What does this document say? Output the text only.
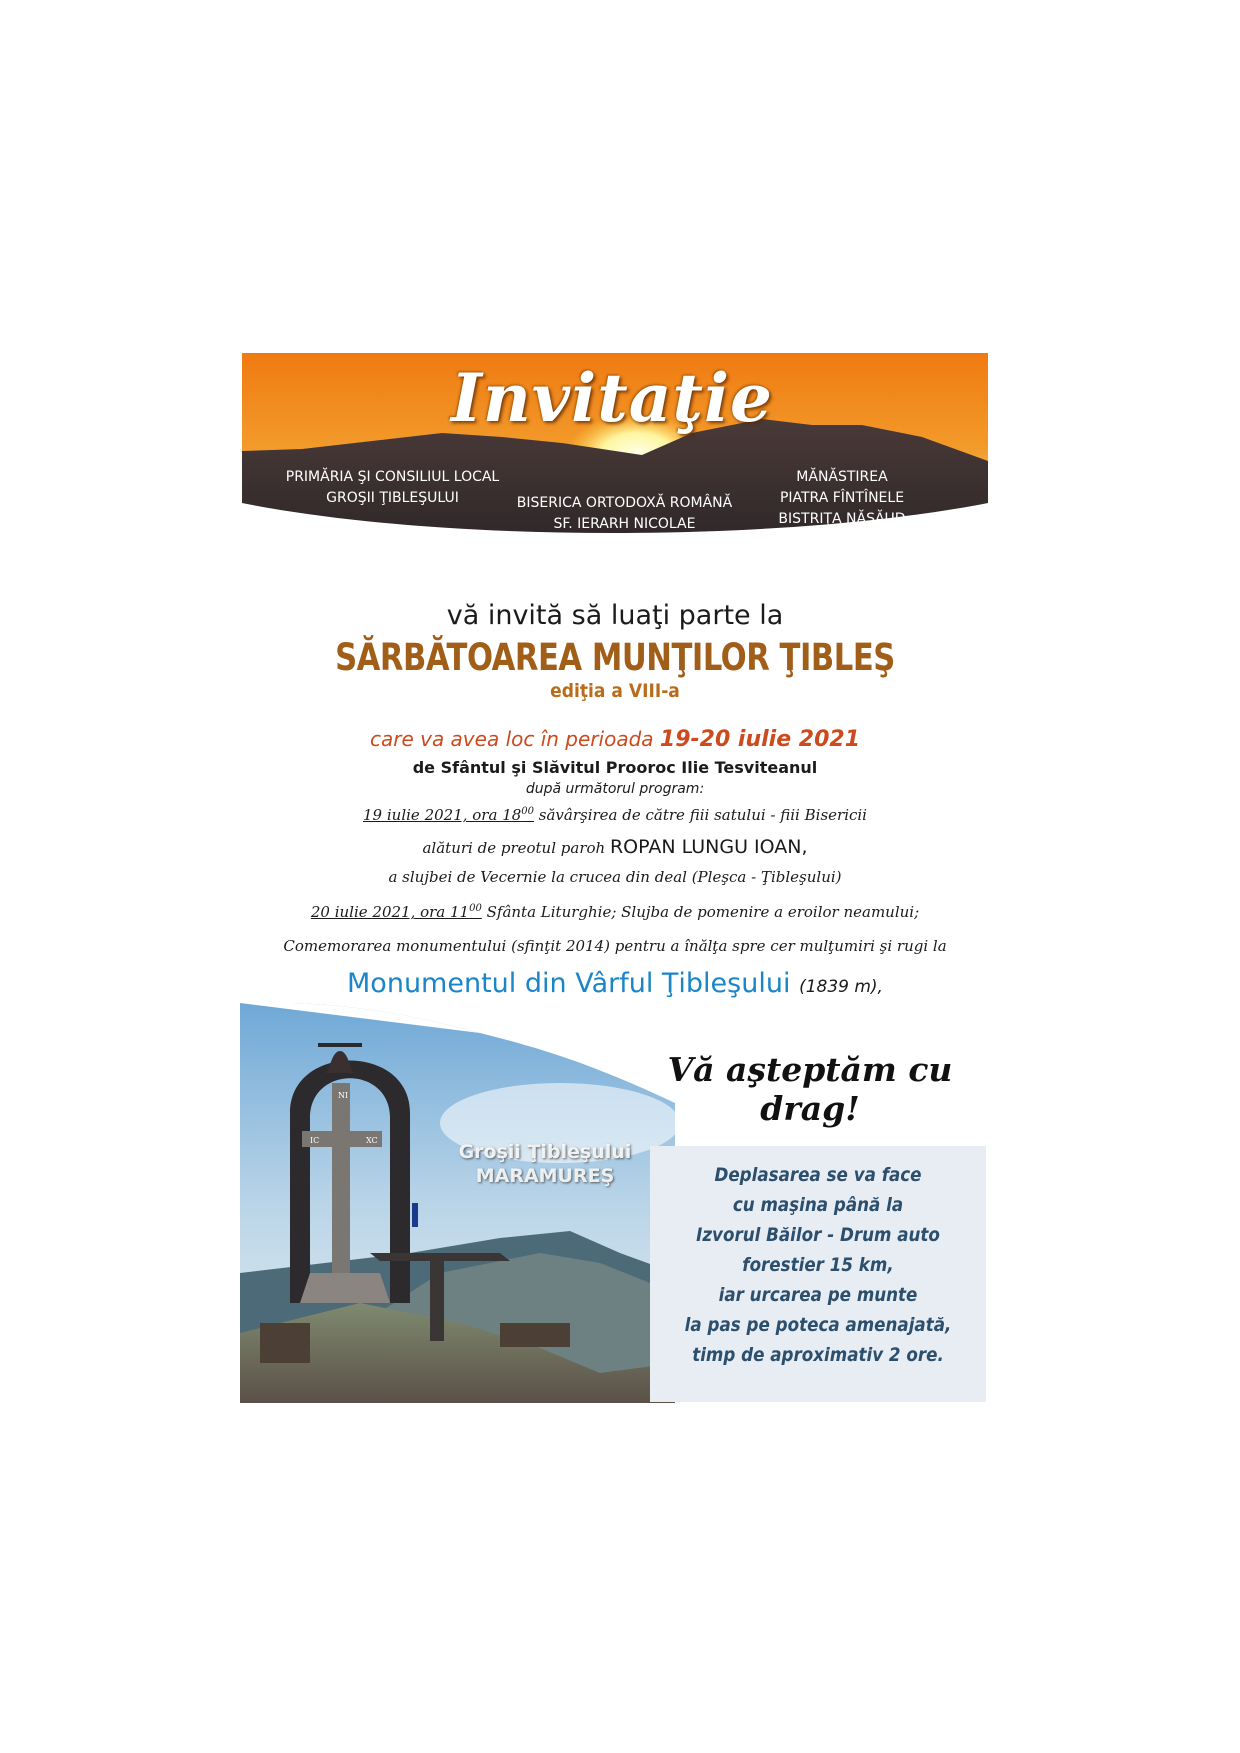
Invitaţie
PRIMĂRIA ŞI CONSILIUL LOCAL
GROŞII ŢIBLEŞULUI	BISERICA ORTODOXĂ ROMÂNĂ
SF. IERARH NICOLAE
GROŞII ŢIBLEŞULUI
MĂNĂSTIREA
PIATRA FÎNTÎNELE
BISTRIŢA NĂSĂUD
vă invită să luaţi parte la
SĂRBĂTOAREA MUNŢILOR ŢIBLEŞ
ediţia a VIII-a
care va avea loc în perioada 19-20 iulie 2021
de Sfântul şi Slăvitul Prooroc Ilie Tesviteanul
după următorul program:
19 iulie 2021, ora $18^{00}$ săvârşirea de către fiii satului - fiii Bisericii
alături de preotul paroh ROPAN LUNGU IOAN,
a slujbei de Vecernie la crucea din deal (Pleşca - Ţibleşului)
20 iulie 2021, ora $11^{00}$ Sfânta Liturghie; Slujba de pomenire a eroilor neamului;
Comemorarea monumentului (sfinţit 2014) pentru a înălţa spre cer mulţumiri şi rugi la
Monumentul din Vârful Ţibleşului (1839 m),
NI
IC	XC
Groşii Ţibleşului
MARAMUREŞ
Vă aşteptăm cu drag!
Deplasarea se va face
cu maşina până la
Izvorul Băilor - Drum auto
forestier 15 km,
iar urcarea pe munte
la pas pe poteca amenajată,
timp de aproximativ 2 ore.
